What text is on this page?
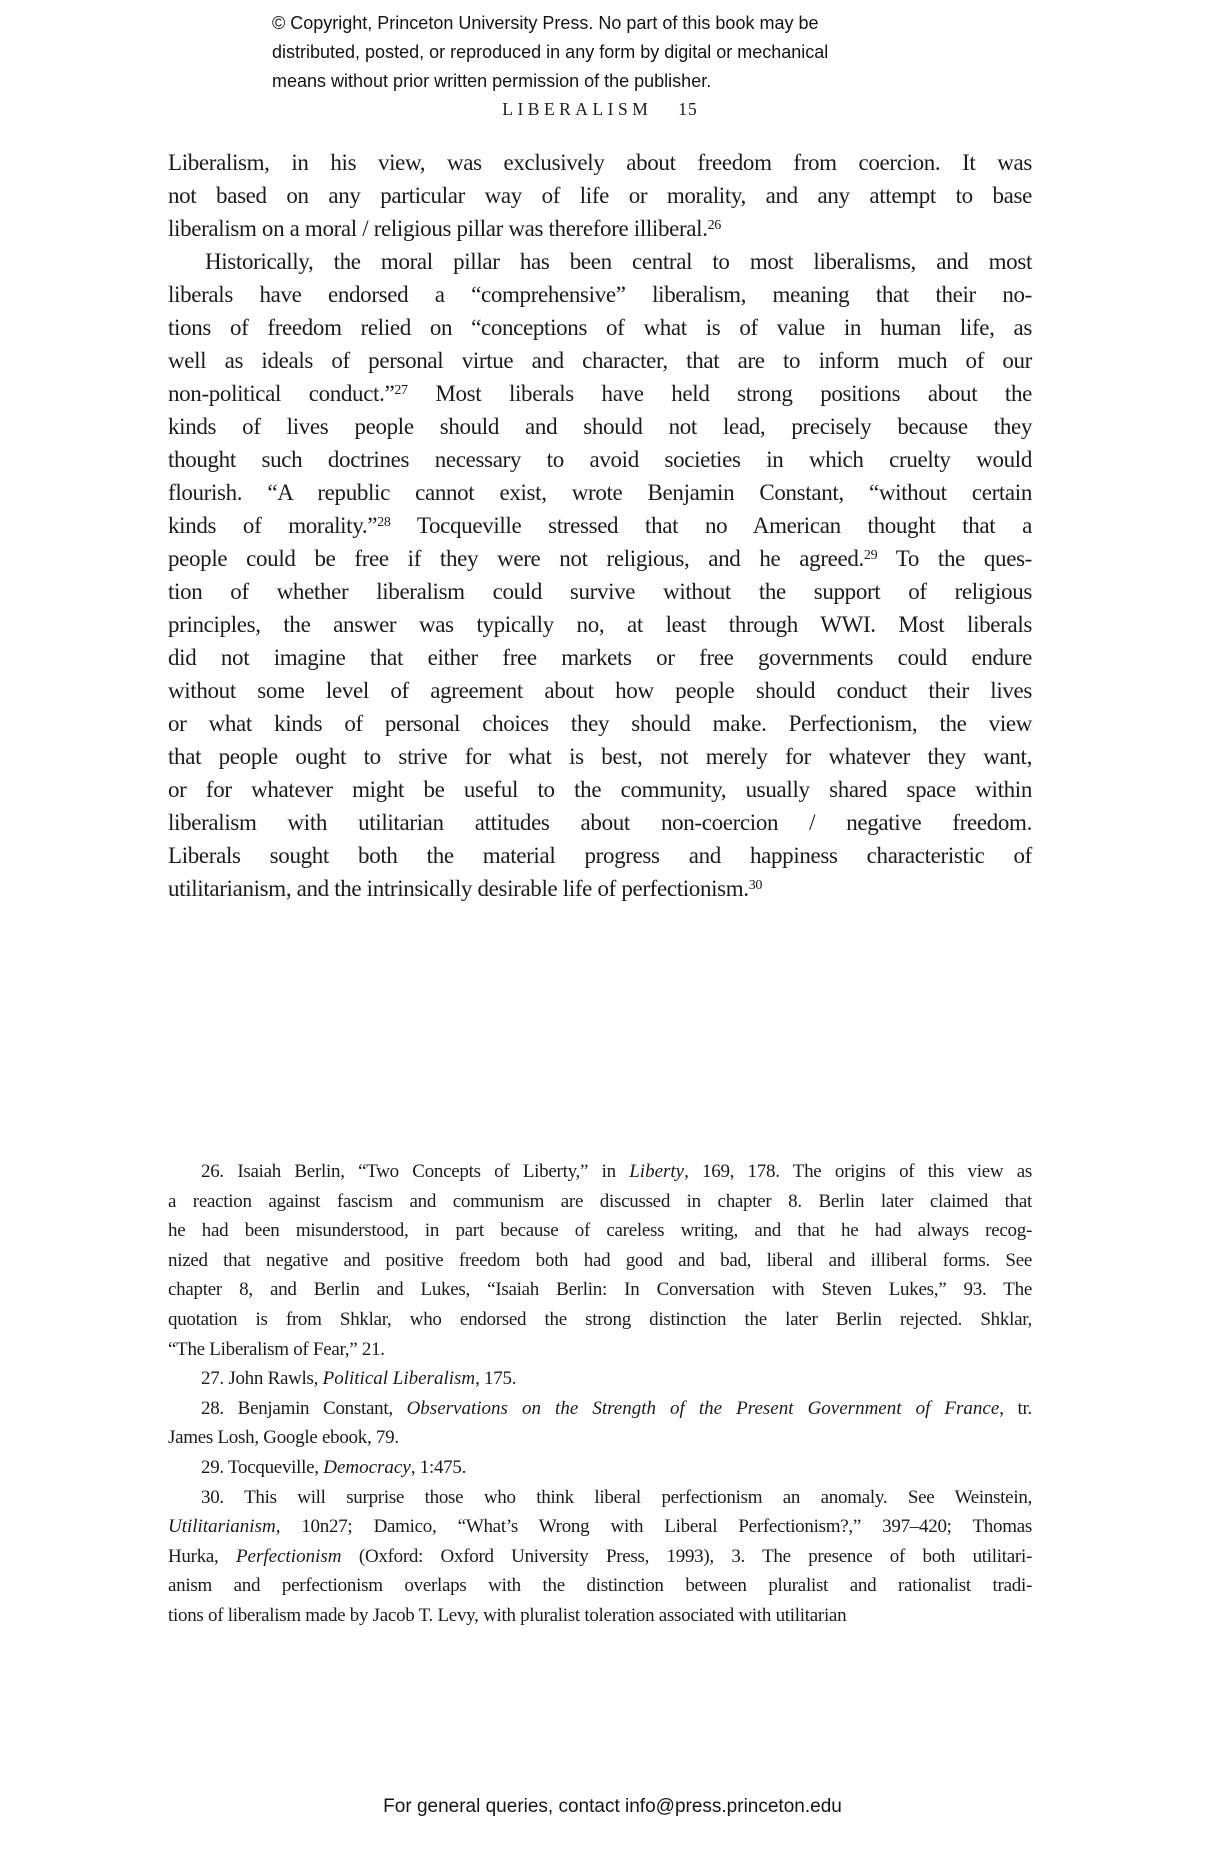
© Copyright, Princeton University Press. No part of this book may be
distributed, posted, or reproduced in any form by digital or mechanical
means without prior written permission of the publisher.
LIBERALISM 15
Liberalism, in his view, was exclusively about freedom from coercion. It was
not based on any particular way of life or morality, and any attempt to base
liberalism on a moral / religious pillar was therefore illiberal.$^{26}$
Historically, the moral pillar has been central to most liberalisms, and most
liberals have endorsed a “comprehensive” liberalism, meaning that their no-
tions of freedom relied on “conceptions of what is of value in human life, as
well as ideals of personal virtue and character, that are to inform much of our
non-political conduct.”$^{27}$ Most liberals have held strong positions about the
kinds of lives people should and should not lead, precisely because they
thought such doctrines necessary to avoid societies in which cruelty would
flourish. “A republic cannot exist, wrote Benjamin Constant, “without certain
kinds of morality.”$^{28}$ Tocqueville stressed that no American thought that a
people could be free if they were not religious, and he agreed.$^{29}$ To the ques-
tion of whether liberalism could survive without the support of religious
principles, the answer was typically no, at least through WWI. Most liberals
did not imagine that either free markets or free governments could endure
without some level of agreement about how people should conduct their lives
or what kinds of personal choices they should make. Perfectionism, the view
that people ought to strive for what is best, not merely for whatever they want,
or for whatever might be useful to the community, usually shared space within
liberalism with utilitarian attitudes about non-coercion / negative freedom.
Liberals sought both the material progress and happiness characteristic of
utilitarianism, and the intrinsically desirable life of perfectionism.$^{30}$
26. Isaiah Berlin, “Two Concepts of Liberty,” in Liberty, 169, 178. The origins of this view as
a reaction against fascism and communism are discussed in chapter 8. Berlin later claimed that
he had been misunderstood, in part because of careless writing, and that he had always recog-
nized that negative and positive freedom both had good and bad, liberal and illiberal forms. See
chapter 8, and Berlin and Lukes, “Isaiah Berlin: In Conversation with Steven Lukes,” 93. The
quotation is from Shklar, who endorsed the strong distinction the later Berlin rejected. Shklar,
“The Liberalism of Fear,” 21.
27. John Rawls, Political Liberalism, 175.
28. Benjamin Constant, Observations on the Strength of the Present Government of France, tr.
James Losh, Google ebook, 79.
29. Tocqueville, Democracy, 1:475.
30. This will surprise those who think liberal perfectionism an anomaly. See Weinstein,
Utilitarianism, 10n27; Damico, “What’s Wrong with Liberal Perfectionism?,” 397–420; Thomas
Hurka, Perfectionism (Oxford: Oxford University Press, 1993), 3. The presence of both utilitari-
anism and perfectionism overlaps with the distinction between pluralist and rationalist tradi-
tions of liberalism made by Jacob T. Levy, with pluralist toleration associated with utilitarian
For general queries, contact info@press.princeton.edu
